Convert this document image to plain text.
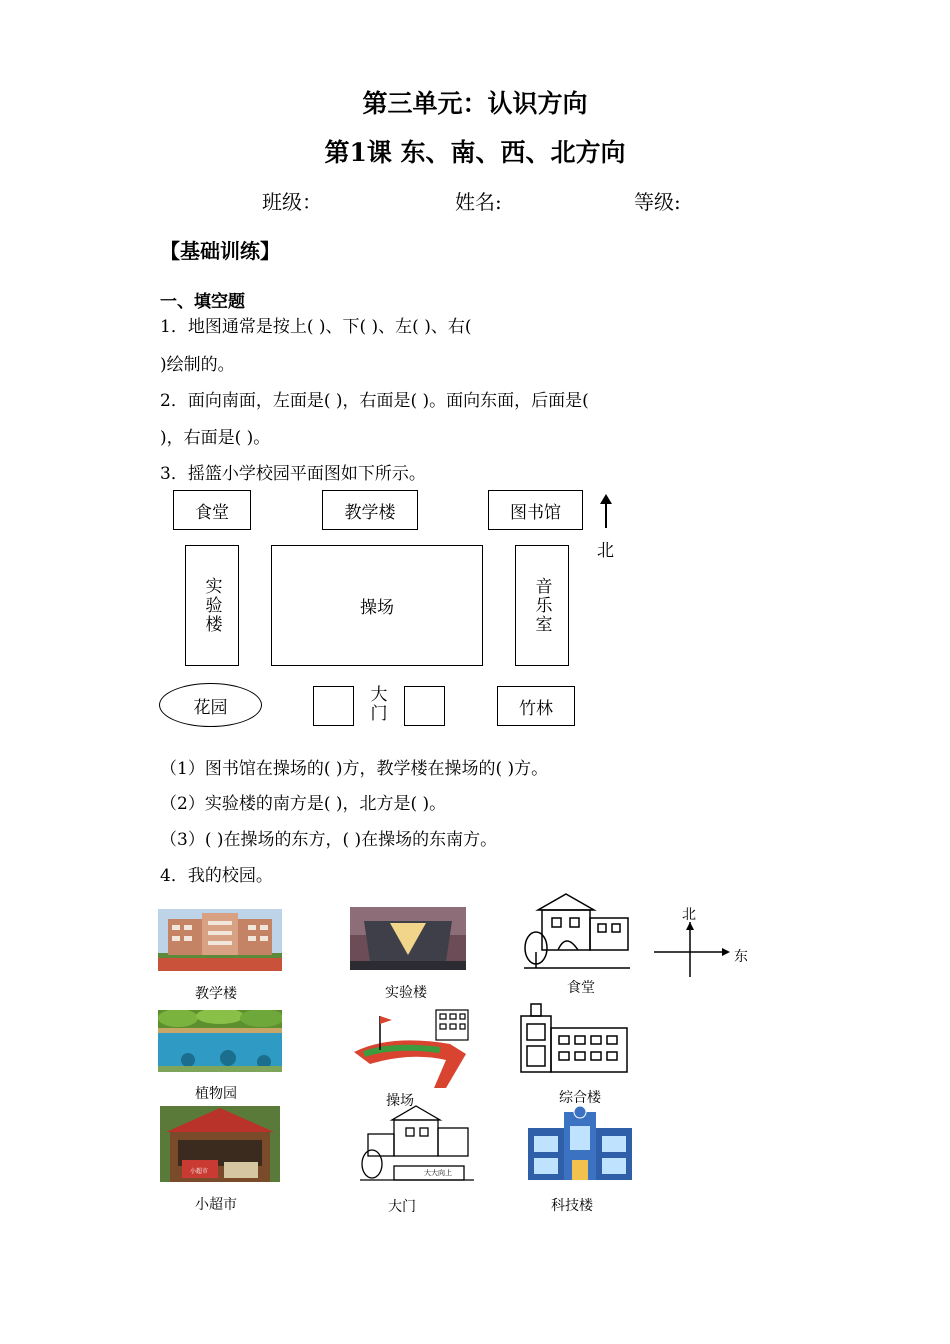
第三单元：认识方向
第1课 东、南、西、北方向
班级：	姓名:	等级:
【基础训练】
一、填空题
1．地图通常是按上( )、下( )、左( )、右(
)绘制的。
2．面向南面，左面是( )，右面是( )。面向东面，后面是(
)，右面是( )。
3．摇篮小学校园平面图如下所示。
食堂	教学楼	图书馆
北
实验楼	操场	音乐室
花园
大门	竹林
（1）图书馆在操场的( )方，教学楼在操场的( )方。
（2）实验楼的南方是( )，北方是( )。
（3）( )在操场的东方，( )在操场的东南方。
4．我的校园。
教学楼	实验楼	食堂
北
东
植物园	操场	综合楼
小超市
小超市
大大向上
大门	科技楼
